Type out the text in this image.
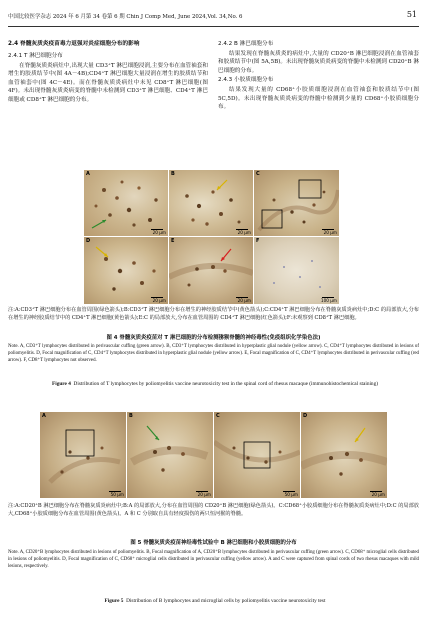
中国比较医学杂志 2024 年 6 月第 34 卷第 6 期 Chin J Comp Med, June 2024,Vol. 34,No. 6	51

2.4 脊髓灰质炎疫苗毒力返强对炎症细胞分布的影响

2.4.1 T 淋巴细胞分布

在脊髓灰质炎病灶中,出现大量 CD3⁺T 淋巴细胞浸润,主要分布在血管袖套和增生的胶质结节中(图 4A－4B);CD4⁺T 淋巴细胞大量浸润在增生的胶质结节和血管袖套中(图 4C－4E)。而在脊髓灰质炎病灶中未见 CD8⁺T 淋巴细胞(图 4F)。未出现脊髓灰质炎病变的脊髓中未检测到 CD3⁺T 淋巴细胞、CD4⁺T 淋巴细胞或 CD8⁺T 淋巴细胞的分布。

2.4.2 B 淋巴细胞分布

结果发现在脊髓灰质炎的病灶中,大量的 CD20⁺B 淋巴细胞浸润在血管袖套和胶质结节中(图 5A,5B)。未出现脊髓灰质炎病变的脊髓中未检测到 CD20⁺B 淋巴细胞的分布。

2.4.3 小胶质细胞分布

结果发现大量的 CD68⁺小胶质细胞浸润在血管袖套和胶质结节中(图 5C,5D)。未出现脊髓灰质炎病变的脊髓中检测到少量的 CD68⁺小胶质细胞分布。

A
20 μm
B
20 μm
C
20 μm
D
20 μm
E
20 μm
F
100 μm
注:A:CD3⁺T 淋巴细胞分布在血管周围(绿色箭头);B:CD3⁺T 淋巴细胞分布在增生的神经胶质结节中(黄色箭头);C:CD4⁺T 淋巴细胞分布在脊髓灰质炎病灶中;D:C 的局部放大,分布在增生的神经胶质结节中的 CD4⁺T 淋巴细胞(黄色箭头);E:C 的局部放大,分布在血管周围的 CD4⁺T 淋巴细胞(红色箭头);F:未观察到 CD8⁺T 淋巴细胞。
图 4 脊髓灰质炎疫苗对 T 淋巴细胞的分布检测猕猴脊髓的神经毒性(免疫组织化学染色法)
Note. A, CD3⁺T lymphocytes distributed in perivascular cuffing (green arrow). B, CD3⁺T lymphocytes distributed in hyperplastic glial nodule (yellow arrow). C, CD4⁺T lymphocytes distributed in lesions of poliomyelitis. D, Focal magnification of C, CD4⁺T lymphocytes distributed in hyperplastic glial nodule (yellow arrow). E, Focal magnification of C, CD4⁺T lymphocytes distributed in perivascular cuffing (red arrow). F, CD8⁺T lymphocytes not observed.
Figure 4 Distribution of T lymphocytes by poliomyelitis vaccine neurotoxicity test in the spinal cord of rhesus macaque (immunohistochemical staining)
A
50 μm
B
20 μm
C
50 μm
D
20 μm
注:A:CD20⁺B 淋巴细胞分布在脊髓灰质炎病灶中;B:A 的局部放大,分布在血管周围的 CD20⁺B 淋巴细胞(绿色箭头)。C:CD68⁺小胶质细胞分布在脊髓灰质炎病灶中;D:C 的局部放大,CD68⁺小胶质细胞分布在血管周围(黄色箭头)。A 和 C 分别取自具有轻度损伤的两只恒河猴的脊髓。
图 5 脊髓灰质炎疫苗神经毒性试验中 B 淋巴细胞和小胶质细胞的分布
Note. A, CD20⁺B lymphocytes distributed in lesions of poliomyelitis. B, Focal magnification of A, CD20⁺B lymphocytes distributed in perivascular cuffing (green arrow). C, CD68⁺ microglial cells distributed in lesions of poliomyelitis. D, Focal magnification of C, CD68⁺ microglial cells distributed in perivascular cuffing (yellow arrow). A and C were captured from spinal cords of two rhesus macaques with mild lesions, respectively.
Figure 5 Distribution of B lymphocytes and microglial cells by poliomyelitis vaccine neurotoxicity test
